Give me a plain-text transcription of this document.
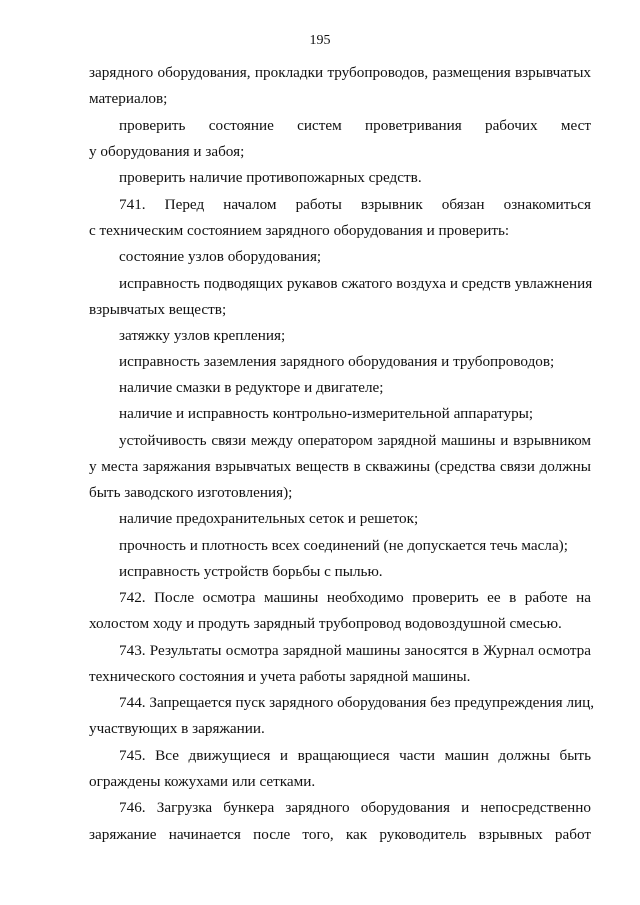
195
зарядного оборудования, прокладки трубопроводов, размещения взрывчатых
материалов;
проверить состояние систем проветривания рабочих мест
у оборудования и забоя;
проверить наличие противопожарных средств.
741. Перед началом работы взрывник обязан ознакомиться
с техническим состоянием зарядного оборудования и проверить:
состояние узлов оборудования;
исправность подводящих рукавов сжатого воздуха и средств увлажнения
взрывчатых веществ;
затяжку узлов крепления;
исправность заземления зарядного оборудования и трубопроводов;
наличие смазки в редукторе и двигателе;
наличие и исправность контрольно-измерительной аппаратуры;
устойчивость связи между оператором зарядной машины и взрывником
у места заряжания взрывчатых веществ в скважины (средства связи должны
быть заводского изготовления);
наличие предохранительных сеток и решеток;
прочность и плотность всех соединений (не допускается течь масла);
исправность устройств борьбы с пылью.
742. После осмотра машины необходимо проверить ее в работе на
холостом ходу и продуть зарядный трубопровод водовоздушной смесью.
743. Результаты осмотра зарядной машины заносятся в Журнал осмотра
технического состояния и учета работы зарядной машины.
744. Запрещается пуск зарядного оборудования без предупреждения лиц,
участвующих в заряжании.
745. Все движущиеся и вращающиеся части машин должны быть
ограждены кожухами или сетками.
746. Загрузка бункера зарядного оборудования и непосредственно
заряжание начинается после того, как руководитель взрывных работ
